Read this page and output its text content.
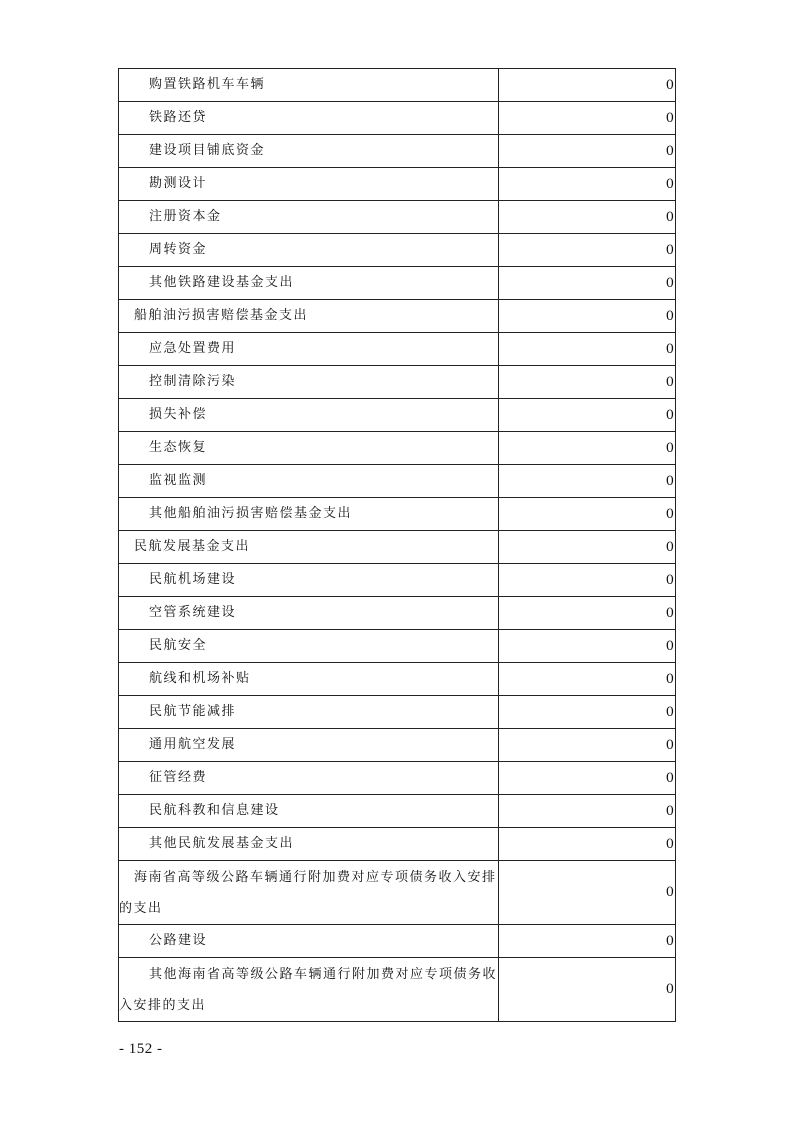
购置铁路机车车辆	0

铁路还贷	0

建设项目铺底资金	0

勘测设计	0

注册资本金	0

周转资金	0

其他铁路建设基金支出	0

船舶油污损害赔偿基金支出	0

应急处置费用	0

控制清除污染	0

损失补偿	0

生态恢复	0

监视监测	0

其他船舶油污损害赔偿基金支出	0

民航发展基金支出	0

民航机场建设	0

空管系统建设	0

民航安全	0

航线和机场补贴	0

民航节能减排	0

通用航空发展	0

征管经费	0

民航科教和信息建设	0

其他民航发展基金支出	0

海南省高等级公路车辆通行附加费对应专项债务收入安排的支出	0

公路建设	0

其他海南省高等级公路车辆通行附加费对应专项债务收入安排的支出	0
- 152 -
